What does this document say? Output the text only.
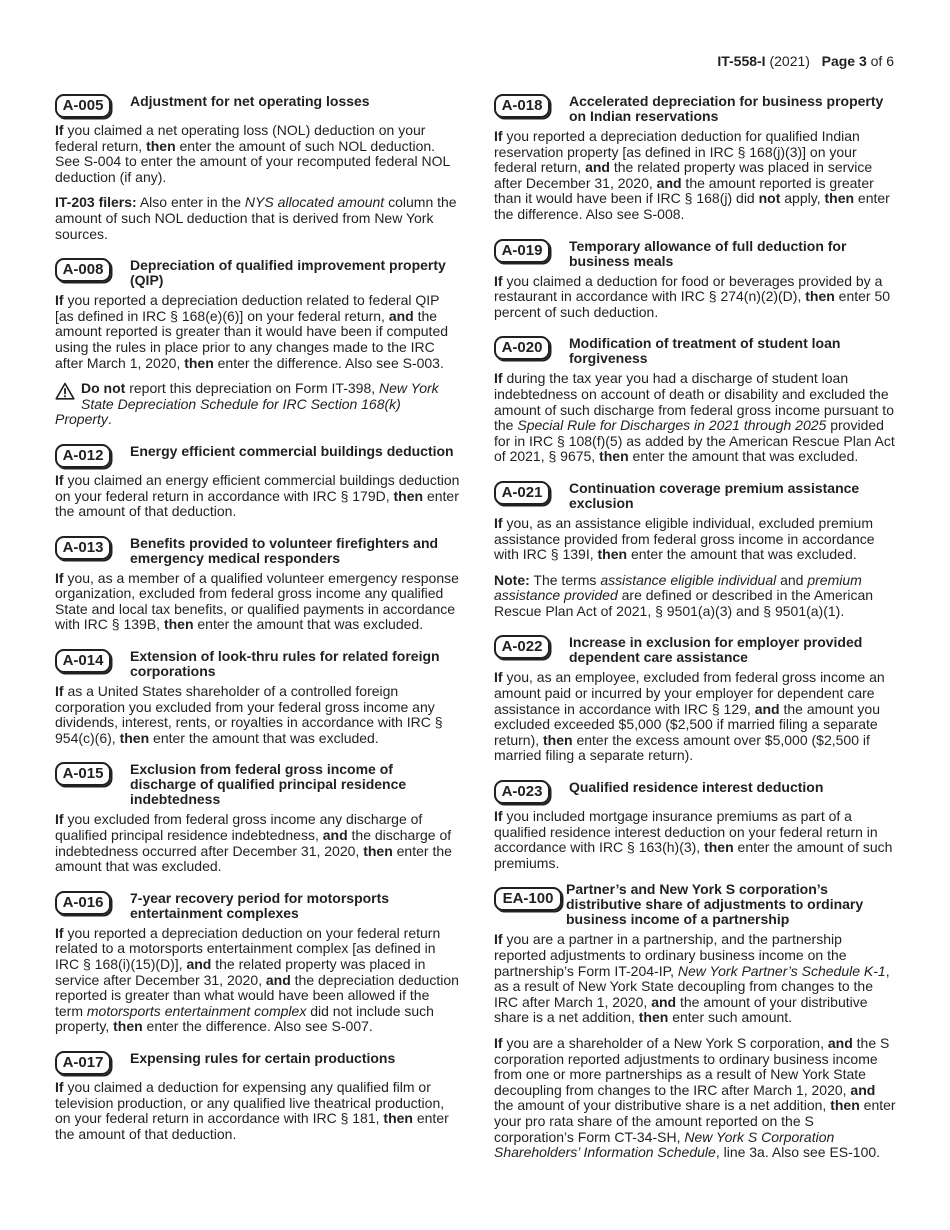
IT-558-I (2021) Page 3 of 6
A-005	Adjustment for net operating losses

If you claimed a net operating loss (NOL) deduction on your federal return, then enter the amount of such NOL deduction. See S-004 to enter the amount of your recomputed federal NOL deduction (if any).

IT-203 filers: Also enter in the NYS allocated amount column the amount of such NOL deduction that is derived from New York sources.

A-008	Depreciation of qualified improvement property (QIP)

If you reported a depreciation deduction related to federal QIP [as defined in IRC § 168(e)(6)] on your federal return, and the amount reported is greater than it would have been if computed using the rules in place prior to any changes made to the IRC after March 1, 2020, then enter the difference. Also see S-003.

Do not report this depreciation on Form IT-398, New York State Depreciation Schedule for IRC Section 168(k)
Property.

A-012	Energy efficient commercial buildings deduction

If you claimed an energy efficient commercial buildings deduction on your federal return in accordance with IRC § 179D, then enter the amount of that deduction.

A-013	Benefits provided to volunteer firefighters and emergency medical responders

If you, as a member of a qualified volunteer emergency response organization, excluded from federal gross income any qualified State and local tax benefits, or qualified payments in accordance with IRC § 139B, then enter the amount that was excluded.

A-014	Extension of look-thru rules for related foreign corporations

If as a United States shareholder of a controlled foreign corporation you excluded from your federal gross income any dividends, interest, rents, or royalties in accordance with IRC § 954(c)(6), then enter the amount that was excluded.

A-015	Exclusion from federal gross income of discharge of qualified principal residence indebtedness

If you excluded from federal gross income any discharge of qualified principal residence indebtedness, and the discharge of indebtedness occurred after December 31, 2020, then enter the amount that was excluded.

A-016	7-year recovery period for motorsports entertainment complexes

If you reported a depreciation deduction on your federal return related to a motorsports entertainment complex [as defined in IRC § 168(i)(15)(D)], and the related property was placed in service after December 31, 2020, and the depreciation deduction reported is greater than what would have been allowed if the term motorsports entertainment complex did not include such property, then enter the difference. Also see S-007.

A-017	Expensing rules for certain productions

If you claimed a deduction for expensing any qualified film or television production, or any qualified live theatrical production, on your federal return in accordance with IRC § 181, then enter the amount of that deduction.

A-018	Accelerated depreciation for business property on Indian reservations

If you reported a depreciation deduction for qualified Indian reservation property [as defined in IRC § 168(j)(3)] on your federal return, and the related property was placed in service after December 31, 2020, and the amount reported is greater than it would have been if IRC § 168(j) did not apply, then enter the difference. Also see S-008.

A-019	Temporary allowance of full deduction for business meals

If you claimed a deduction for food or beverages provided by a restaurant in accordance with IRC § 274(n)(2)(D), then enter 50 percent of such deduction.

A-020	Modification of treatment of student loan forgiveness

If during the tax year you had a discharge of student loan indebtedness on account of death or disability and excluded the amount of such discharge from federal gross income pursuant to the Special Rule for Discharges in 2021 through 2025 provided for in IRC § 108(f)(5) as added by the American Rescue Plan Act of 2021, § 9675, then enter the amount that was excluded.

A-021	Continuation coverage premium assistance exclusion

If you, as an assistance eligible individual, excluded premium assistance provided from federal gross income in accordance with IRC § 139I, then enter the amount that was excluded.

Note: The terms assistance eligible individual and premium assistance provided are defined or described in the American Rescue Plan Act of 2021, § 9501(a)(3) and § 9501(a)(1).

A-022	Increase in exclusion for employer provided dependent care assistance

If you, as an employee, excluded from federal gross income an amount paid or incurred by your employer for dependent care assistance in accordance with IRC § 129, and the amount you excluded exceeded $5,000 ($2,500 if married filing a separate return), then enter the excess amount over $5,000 ($2,500 if married filing a separate return).

A-023	Qualified residence interest deduction

If you included mortgage insurance premiums as part of a qualified residence interest deduction on your federal return in accordance with IRC § 163(h)(3), then enter the amount of such premiums.

EA-100
Partner’s and New York S corporation’s distributive share of adjustments to ordinary business income of a partnership

If you are a partner in a partnership, and the partnership reported adjustments to ordinary business income on the partnership’s Form IT-204-IP, New York Partner’s Schedule K-1, as a result of New York State decoupling from changes to the IRC after March 1, 2020, and the amount of your distributive share is a net addition, then enter such amount.

If you are a shareholder of a New York S corporation, and the S corporation reported adjustments to ordinary business income from one or more partnerships as a result of New York State decoupling from changes to the IRC after March 1, 2020, and the amount of your distributive share is a net addition, then enter your pro rata share of the amount reported on the S corporation’s Form CT-34-SH, New York S Corporation Shareholders’ Information Schedule, line 3a. Also see ES-100.
